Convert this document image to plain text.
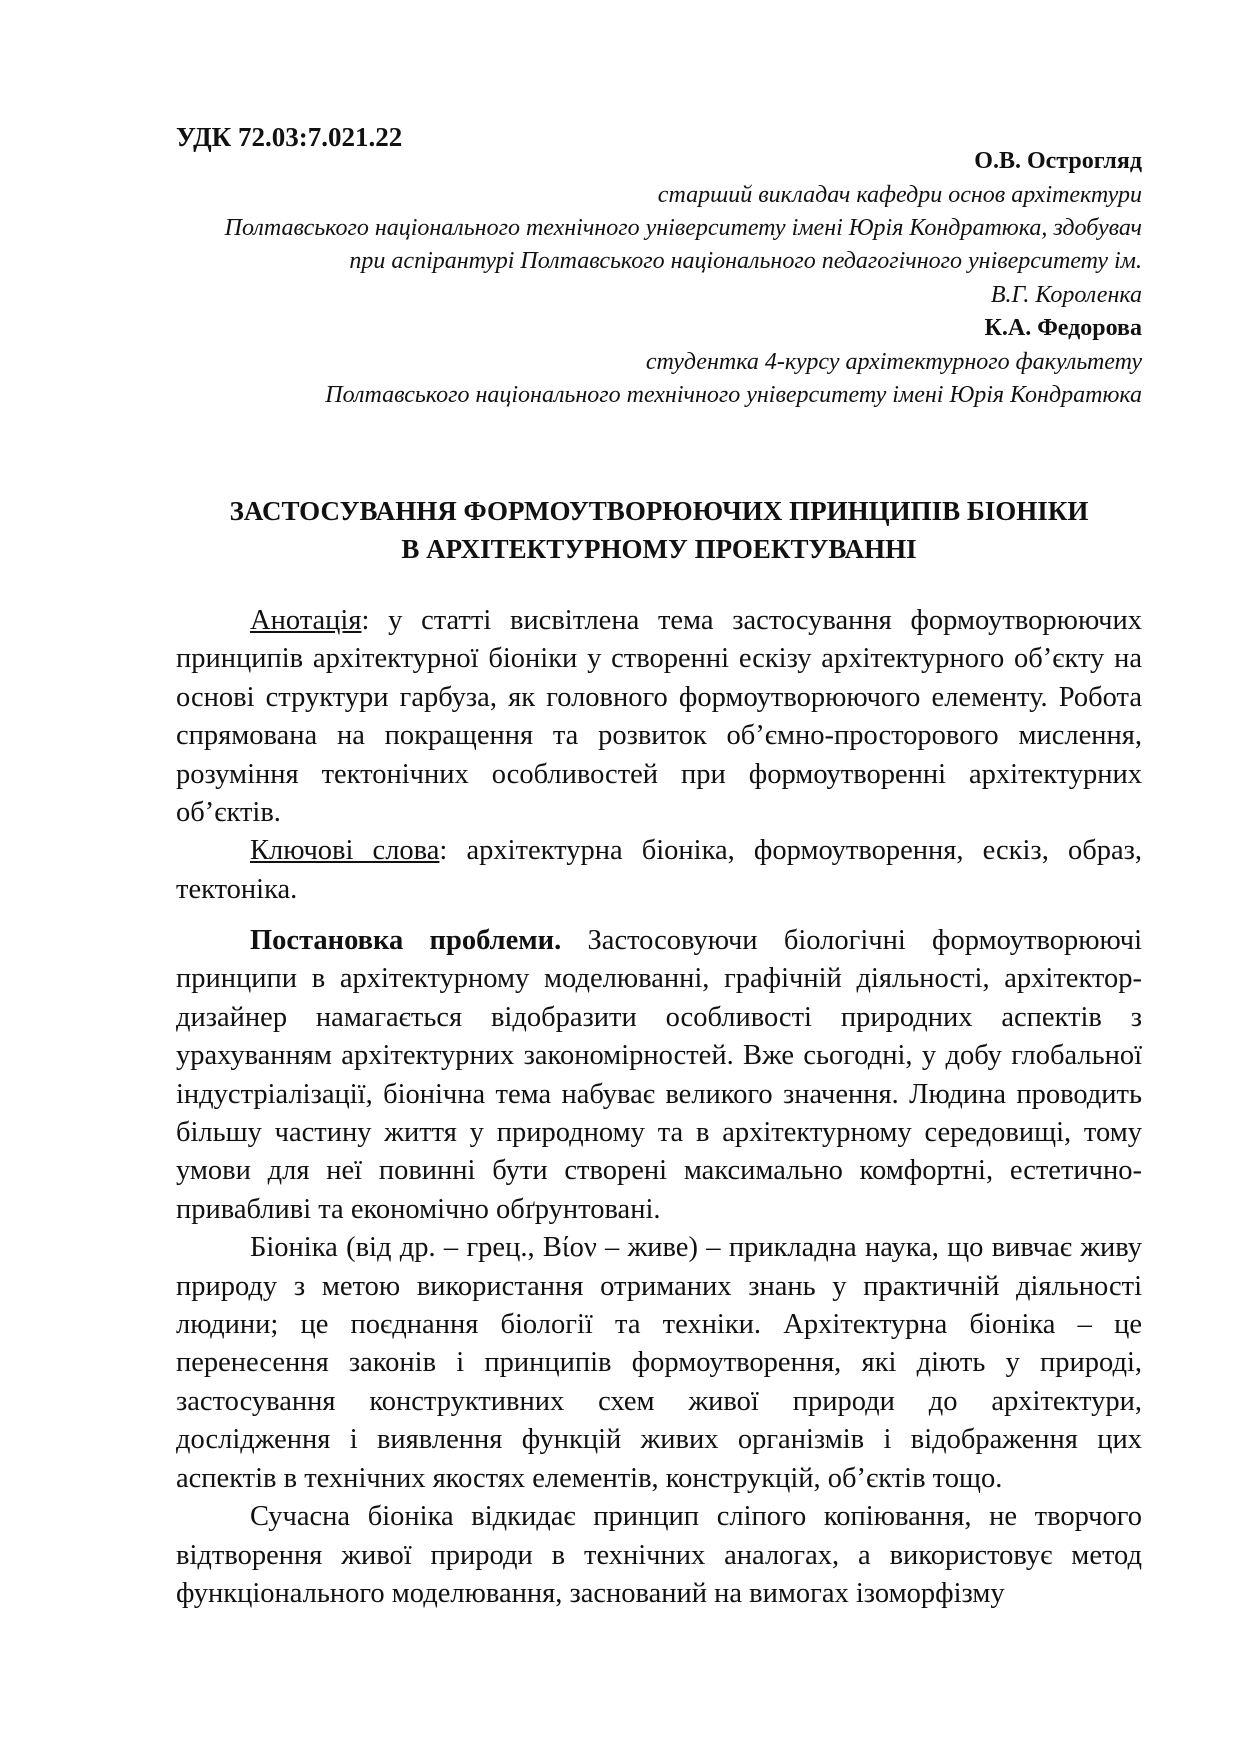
УДК 72.03:7.021.22
О.В. Острогляд
старший викладач кафедри основ архітектури
Полтавського національного технічного університету імені Юрія Кондратюка, здобувач
при аспірантурі Полтавського національного педагогічного університету ім.
В.Г. Короленка
К.А. Федорова
студентка 4-курсу архітектурного факультету
Полтавського національного технічного університету імені Юрія Кондратюка
ЗАСТОСУВАННЯ ФОРМОУТВОРЮЮЧИХ ПРИНЦИПІВ БІОНІКИ
В АРХІТЕКТУРНОМУ ПРОЕКТУВАННІ

Анотація: у статті висвітлена тема застосування формоутворюючих принципів архітектурної біоніки у створенні ескізу архітектурного об’єкту на основі структури гарбуза, як головного формоутворюючого елементу. Робота спрямована на покращення та розвиток об’ємно-просторового мислення, розуміння тектонічних особливостей при формоутворенні архітектурних об’єктів.

Ключові слова: архітектурна біоніка, формоутворення, ескіз, образ, тектоніка.

Постановка проблеми. Застосовуючи біологічні формоутворюючі принципи в архітектурному моделюванні, графічній діяльності, архітектор-дизайнер намагається відобразити особливості природних аспектів з урахуванням архітектурних закономірностей. Вже сьогодні, у добу глобальної індустріалізації, біонічна тема набуває великого значення. Людина проводить більшу частину життя у природному та в архітектурному середовищі, тому умови для неї повинні бути створені максимально комфортні, естетично-привабливі та економічно обґрунтовані.

Біоніка (від др. – грец., Bίον – живе) – прикладна наука, що вивчає живу природу з метою використання отриманих знань у практичній діяльності людини; це поєднання біології та техніки. Архітектурна біоніка – це перенесення законів і принципів формоутворення, які діють у природі, застосування конструктивних схем живої природи до архітектури, дослідження і виявлення функцій живих організмів і відображення цих аспектів в технічних якостях елементів, конструкцій, об’єктів тощо.

Сучасна біоніка відкидає принцип сліпого копіювання, не творчого відтворення живої природи в технічних аналогах, а використовує метод функціонального моделювання, заснований на вимогах ізоморфізму
